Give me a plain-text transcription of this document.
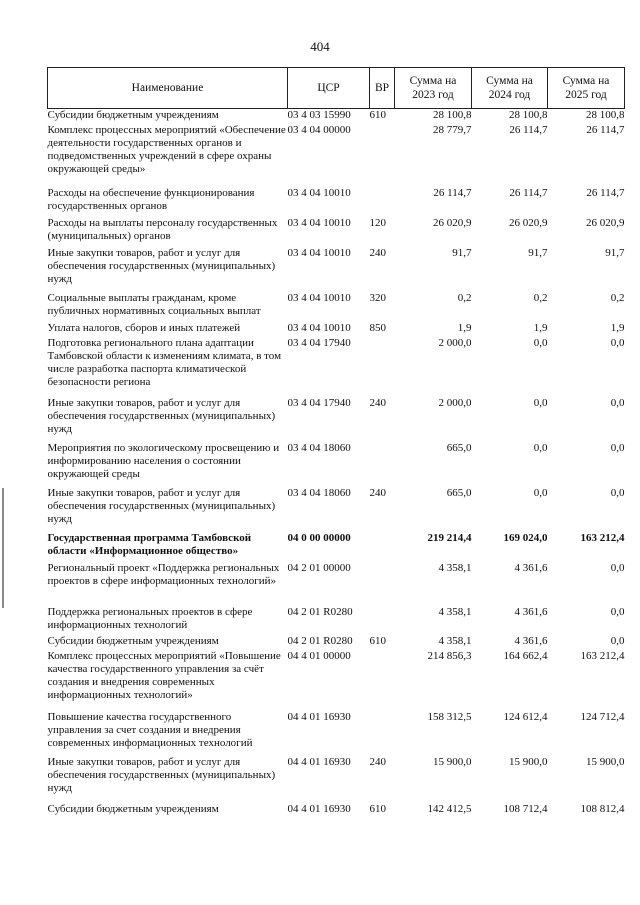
404
Наименование	ЦСР	ВР	Сумма на 2023 год	Сумма на 2024 год	Сумма на 2025 год
Субсидии бюджетным учреждениям	03 4 03 15990	610	28 100,8	28 100,8	28 100,8
Комплекс процессных мероприятий «Обеспечение деятельности государственных органов и подведомственных учреждений в сфере охраны окружающей среды»	03 4 04 00000		28 779,7	26 114,7	26 114,7
Расходы на обеспечение функционирования государственных органов	03 4 04 10010		26 114,7	26 114,7	26 114,7
Расходы на выплаты персоналу государственных (муниципальных) органов	03 4 04 10010	120	26 020,9	26 020,9	26 020,9
Иные закупки товаров, работ и услуг для обеспечения государственных (муниципальных) нужд	03 4 04 10010	240	91,7	91,7	91,7
Социальные выплаты гражданам, кроме публичных нормативных социальных выплат	03 4 04 10010	320	0,2	0,2	0,2
Уплата налогов, сборов и иных платежей	03 4 04 10010	850	1,9	1,9	1,9
Подготовка регионального плана адаптации Тамбовской области к изменениям климата, в том числе разработка паспорта климатической безопасности региона	03 4 04 17940		2 000,0	0,0	0,0
Иные закупки товаров, работ и услуг для обеспечения государственных (муниципальных) нужд	03 4 04 17940	240	2 000,0	0,0	0,0
Мероприятия по экологическому просвещению и информированию населения о состоянии окружающей среды	03 4 04 18060		665,0	0,0	0,0
Иные закупки товаров, работ и услуг для обеспечения государственных (муниципальных) нужд	03 4 04 18060	240	665,0	0,0	0,0
Государственная программа Тамбовской области «Информационное общество»	04 0 00 00000		219 214,4	169 024,0	163 212,4
Региональный проект «Поддержка региональных проектов в сфере информационных технологий»	04 2 01 00000		4 358,1	4 361,6	0,0
Поддержка региональных проектов в сфере информационных технологий	04 2 01 R0280		4 358,1	4 361,6	0,0
Субсидии бюджетным учреждениям	04 2 01 R0280	610	4 358,1	4 361,6	0,0
Комплекс процессных мероприятий «Повышение качества государственного управления за счёт создания и внедрения современных информационных технологий»	04 4 01 00000		214 856,3	164 662,4	163 212,4
Повышение качества государственного управления за счет создания и внедрения современных информационных технологий	04 4 01 16930		158 312,5	124 612,4	124 712,4
Иные закупки товаров, работ и услуг для обеспечения государственных (муниципальных) нужд	04 4 01 16930	240	15 900,0	15 900,0	15 900,0
Субсидии бюджетным учреждениям	04 4 01 16930	610	142 412,5	108 712,4	108 812,4
